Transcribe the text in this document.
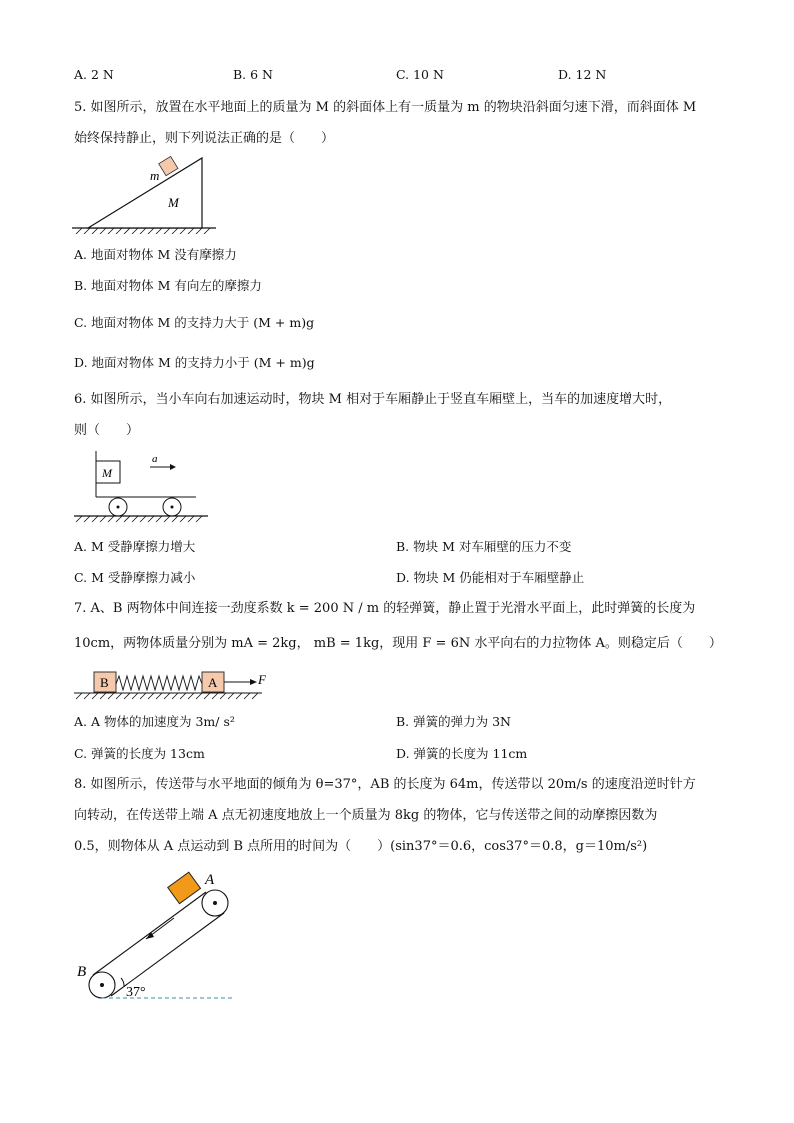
A. 2 N	B. 6 N	C. 10 N	D. 12 N
5. 如图所示，放置在水平地面上的质量为 M 的斜面体上有一质量为 m 的物块沿斜面匀速下滑，而斜面体 M
始终保持静止，则下列说法正确的是（　　）
m
M
A. 地面对物体 M 没有摩擦力
B. 地面对物体 M 有向左的摩擦力
C. 地面对物体 M 的支持力大于 (M + m)g
D. 地面对物体 M 的支持力小于 (M + m)g
6. 如图所示，当小车向右加速运动时，物块 M 相对于车厢静止于竖直车厢壁上，当车的加速度增大时，
则（　　）
M
a
A. M 受静摩擦力增大	B. 物块 M 对车厢壁的压力不变
C. M 受静摩擦力减小	D. 物块 M 仍能相对于车厢壁静止
7. A、B 两物体中间连接一劲度系数 k = 200 N / m 的轻弹簧，静止置于光滑水平面上，此时弹簧的长度为
10cm，两物体质量分别为 mA = 2kg， mB = 1kg，现用 F = 6N 水平向右的力拉物体 A。则稳定后（　　）
B	A	F
A. A 物体的加速度为 3m/ s²	B. 弹簧的弹力为 3N
C. 弹簧的长度为 13cm	D. 弹簧的长度为 11cm
8. 如图所示，传送带与水平地面的倾角为 θ=37°，AB 的长度为 64m，传送带以 20m/s 的速度沿逆时针方
向转动，在传送带上端 A 点无初速度地放上一个质量为 8kg 的物体，它与传送带之间的动摩擦因数为
0.5，则物体从 A 点运动到 B 点所用的时间为（　　）(sin37°＝0.6，cos37°＝0.8，g＝10m/s²)
A
B
37°
